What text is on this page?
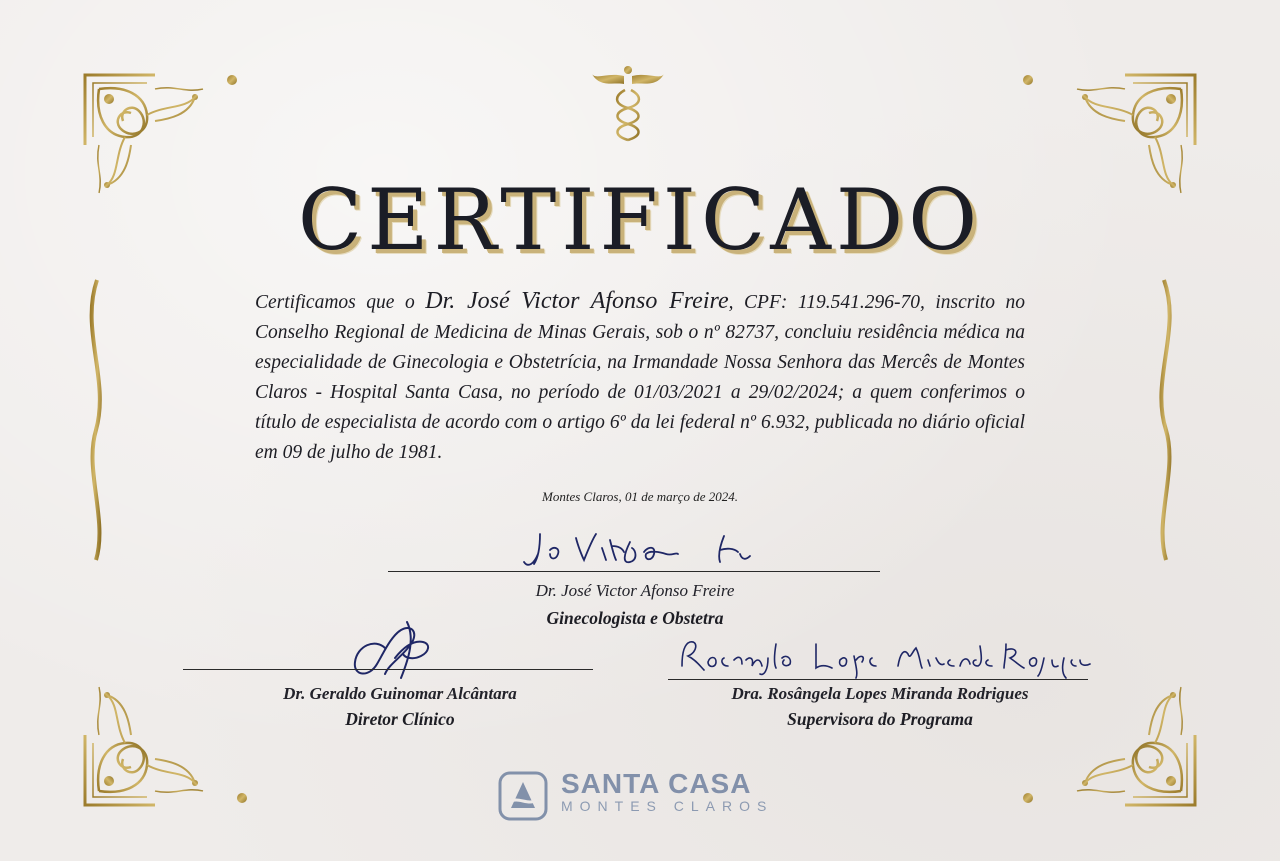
CERTIFICADO
Certificamos que o Dr. José Victor Afonso Freire, CPF: 119.541.296-70, inscrito no Conselho Regional de Medicina de Minas Gerais, sob o nº 82737, concluiu residência médica na especialidade de Ginecologia e Obstetrícia, na Irmandade Nossa Senhora das Mercês de Montes Claros - Hospital Santa Casa, no período de 01/03/2021 a 29/02/2024; a quem conferimos o título de especialista de acordo com o artigo 6º da lei federal nº 6.932, publicada no diário oficial em 09 de julho de 1981.
Montes Claros, 01 de março de 2024.
Dr. José Victor Afonso Freire
Ginecologista e Obstetra
Dr. Geraldo Guinomar Alcântara
Diretor Clínico
Dra. Rosângela Lopes Miranda Rodrigues
Supervisora do Programa
SANTA CASA
MONTES CLAROS
